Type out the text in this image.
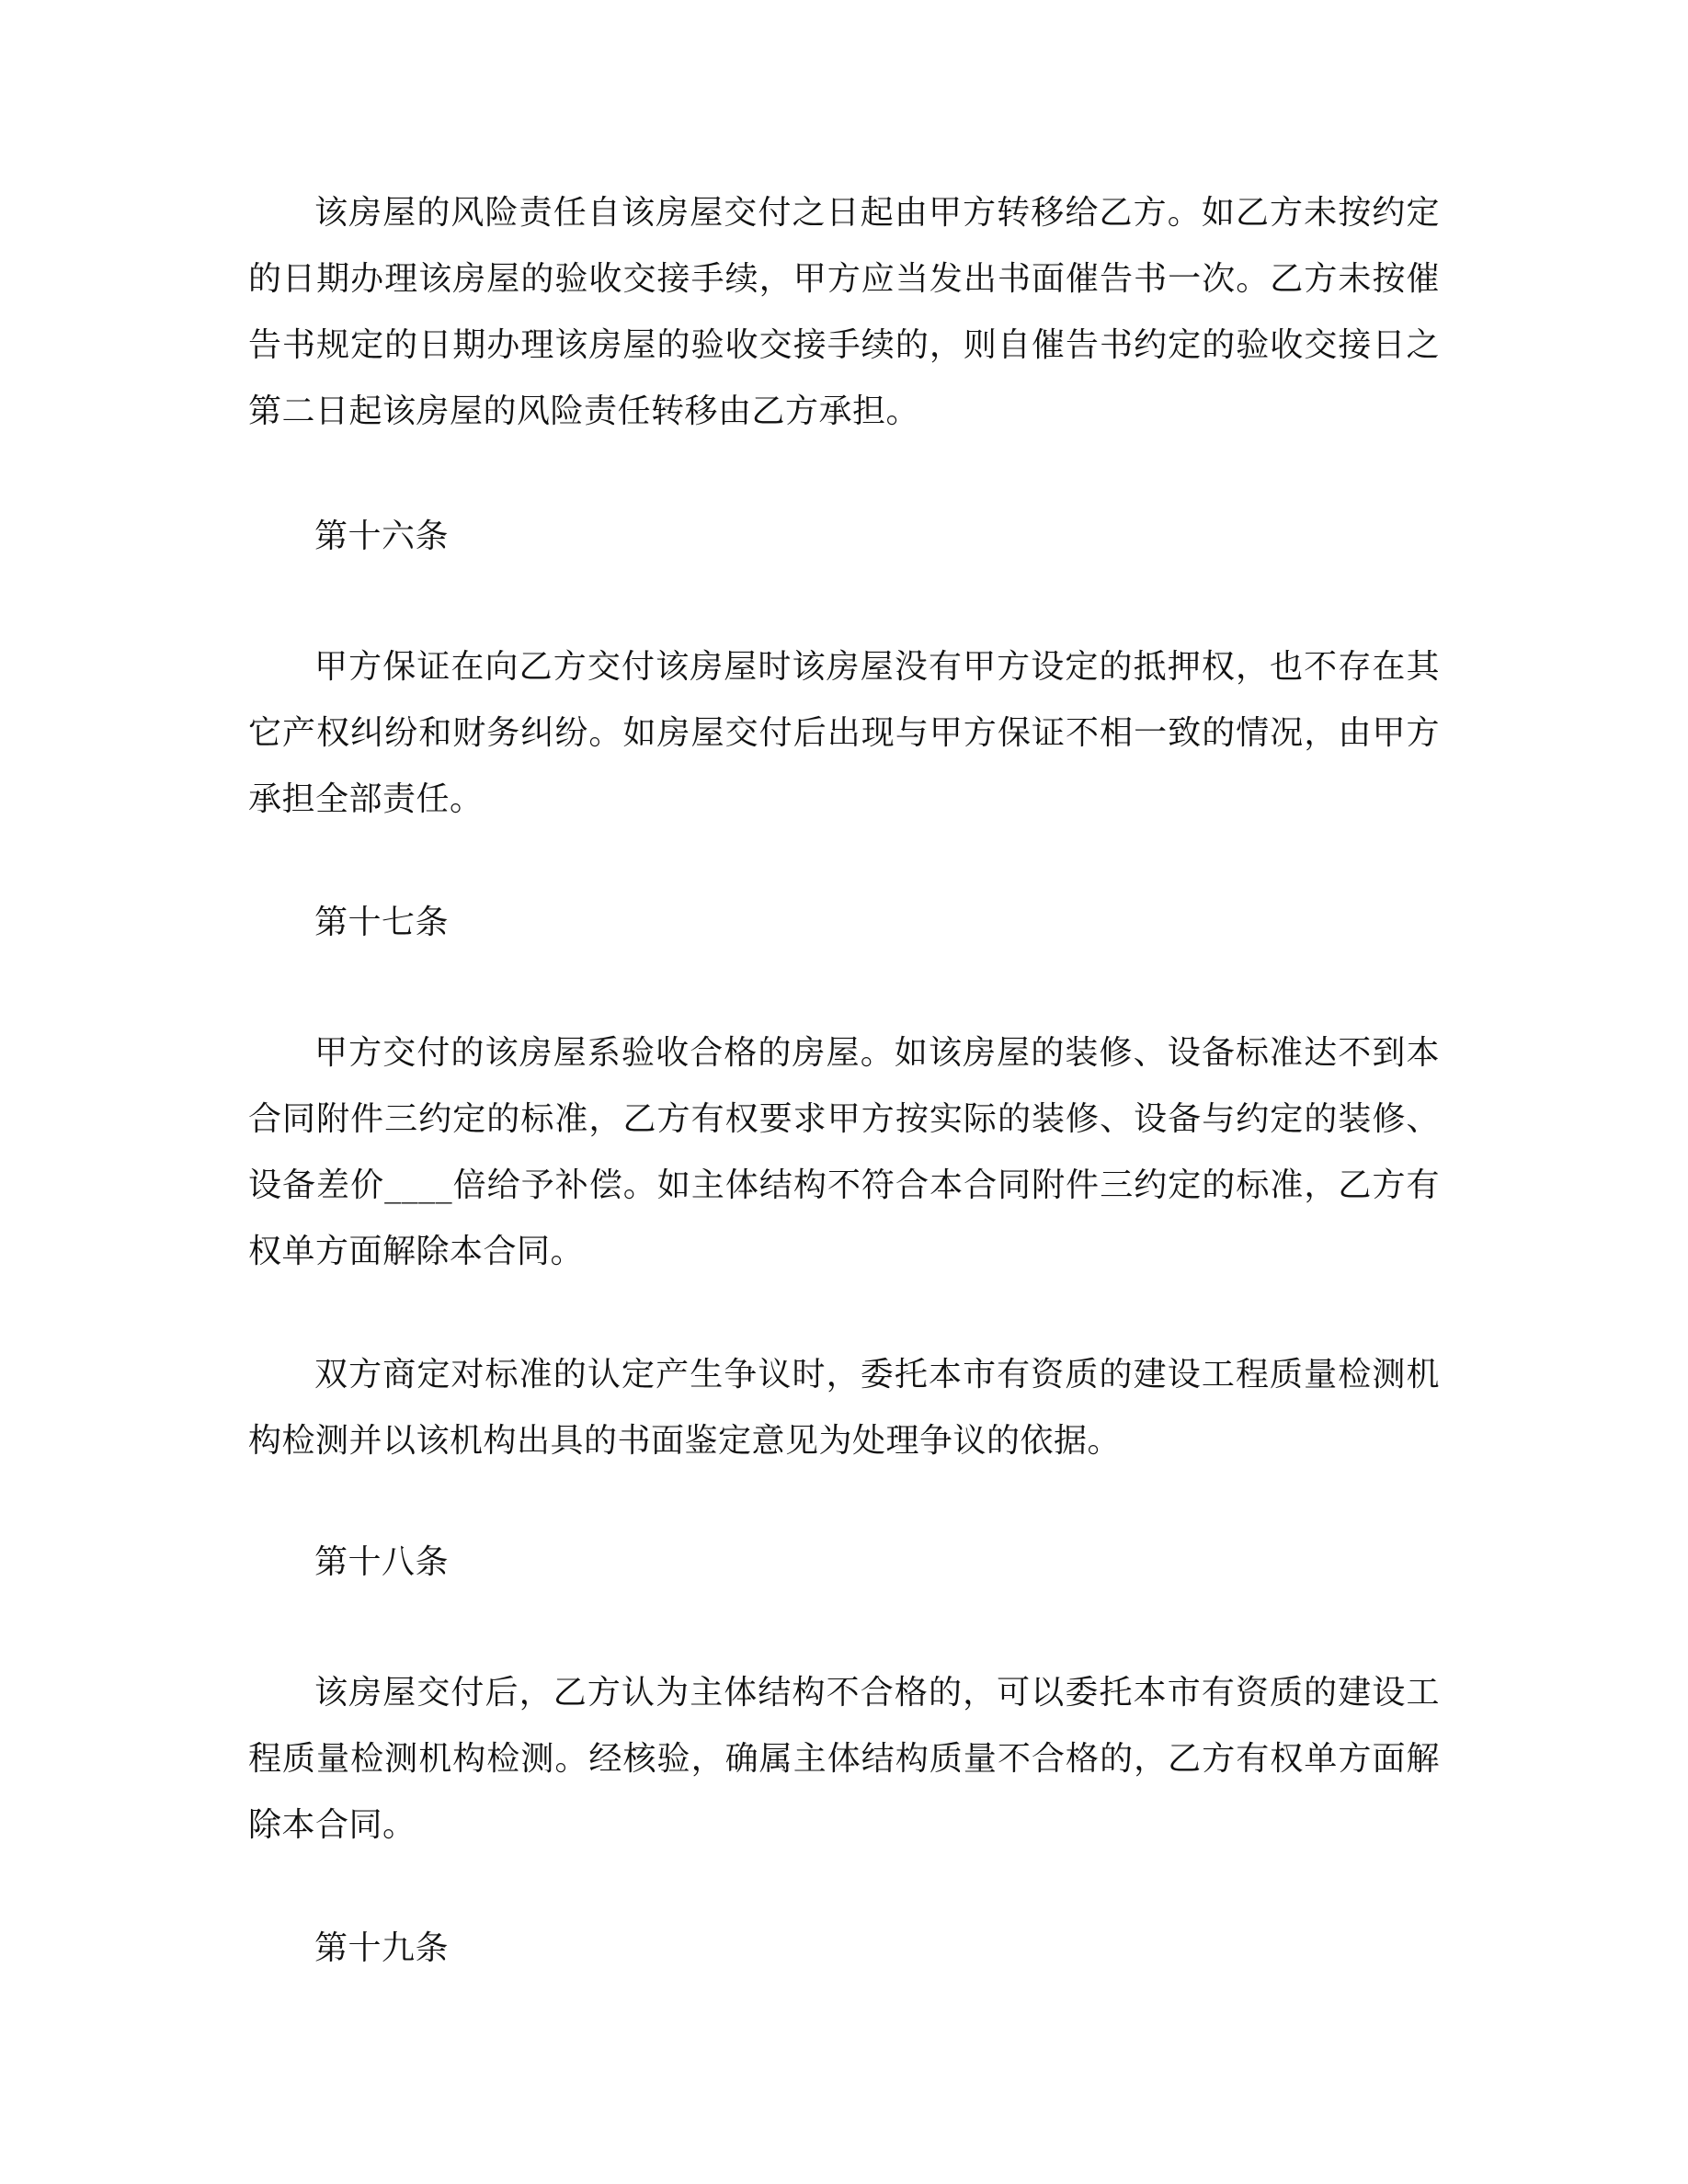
该房屋的风险责任自该房屋交付之日起由甲方转移给乙方。如乙方未按约定的日期办理该房屋的验收交接手续，甲方应当发出书面催告书一次。乙方未按催告书规定的日期办理该房屋的验收交接手续的，则自催告书约定的验收交接日之第二日起该房屋的风险责任转移由乙方承担。

第十六条

甲方保证在向乙方交付该房屋时该房屋没有甲方设定的抵押权，也不存在其它产权纠纷和财务纠纷。如房屋交付后出现与甲方保证不相一致的情况，由甲方承担全部责任。

第十七条

甲方交付的该房屋系验收合格的房屋。如该房屋的装修、设备标准达不到本合同附件三约定的标准，乙方有权要求甲方按实际的装修、设备与约定的装修、设备差价____倍给予补偿。如主体结构不符合本合同附件三约定的标准，乙方有权单方面解除本合同。

双方商定对标准的认定产生争议时，委托本市有资质的建设工程质量检测机构检测并以该机构出具的书面鉴定意见为处理争议的依据。

第十八条

该房屋交付后，乙方认为主体结构不合格的，可以委托本市有资质的建设工程质量检测机构检测。经核验，确属主体结构质量不合格的，乙方有权单方面解除本合同。

第十九条
